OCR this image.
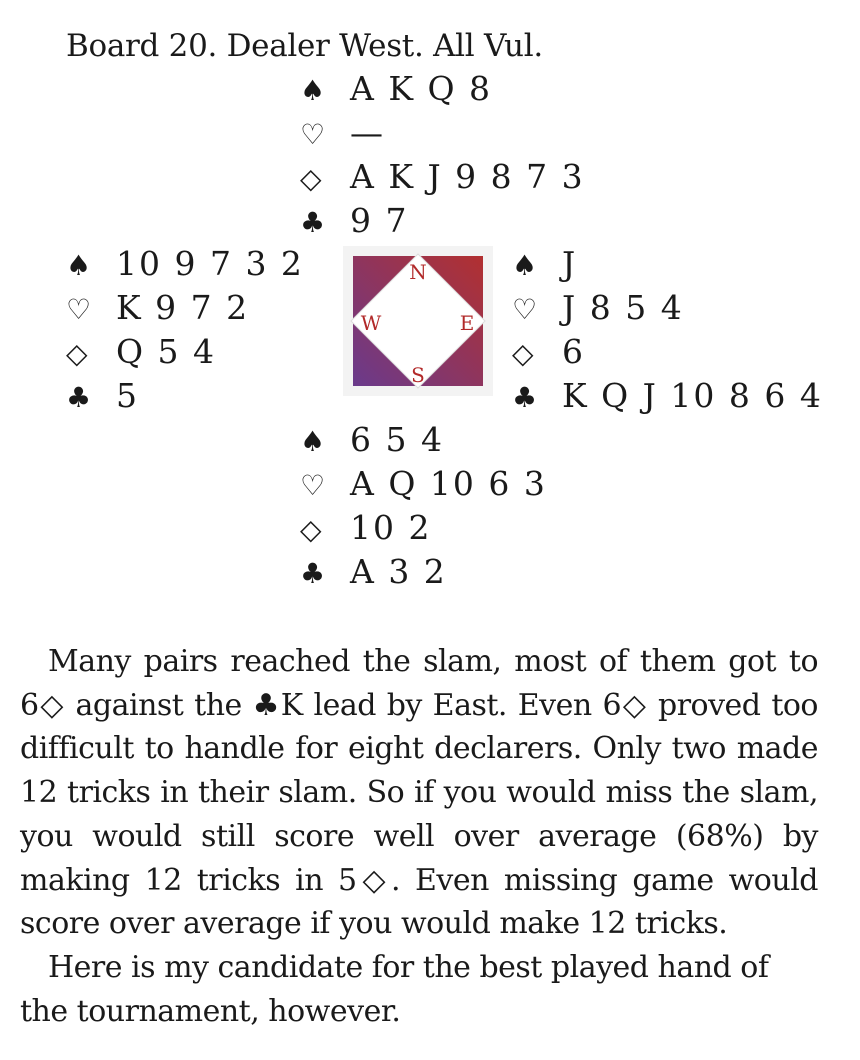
Board 20. Dealer West. All Vul.
♠ A K Q 8
♡ —
◇ A K J 9 8 7 3
♣ 9 7
♠ 10 9 7 3 2
♡ K 9 7 2
◇ Q 5 4
♣ 5
N
E
S
W
♠ J
♡ J 8 5 4
◇ 6
♣ K Q J 10 8 6 4
♠ 6 5 4
♡ A Q 10 6 3
◇ 10 2
♣ A 3 2

Many pairs reached the slam, most of them got to 6◇ against the ♣K lead by East. Even 6◇ proved too difficult to handle for eight declarers. Only two made 12 tricks in their slam. So if you would miss the slam, you would still score well over average (68%) by making 12 tricks in 5◇. Even missing game would score over average if you would make 12 tricks.

Here is my candidate for the best played hand of the tournament, however.
